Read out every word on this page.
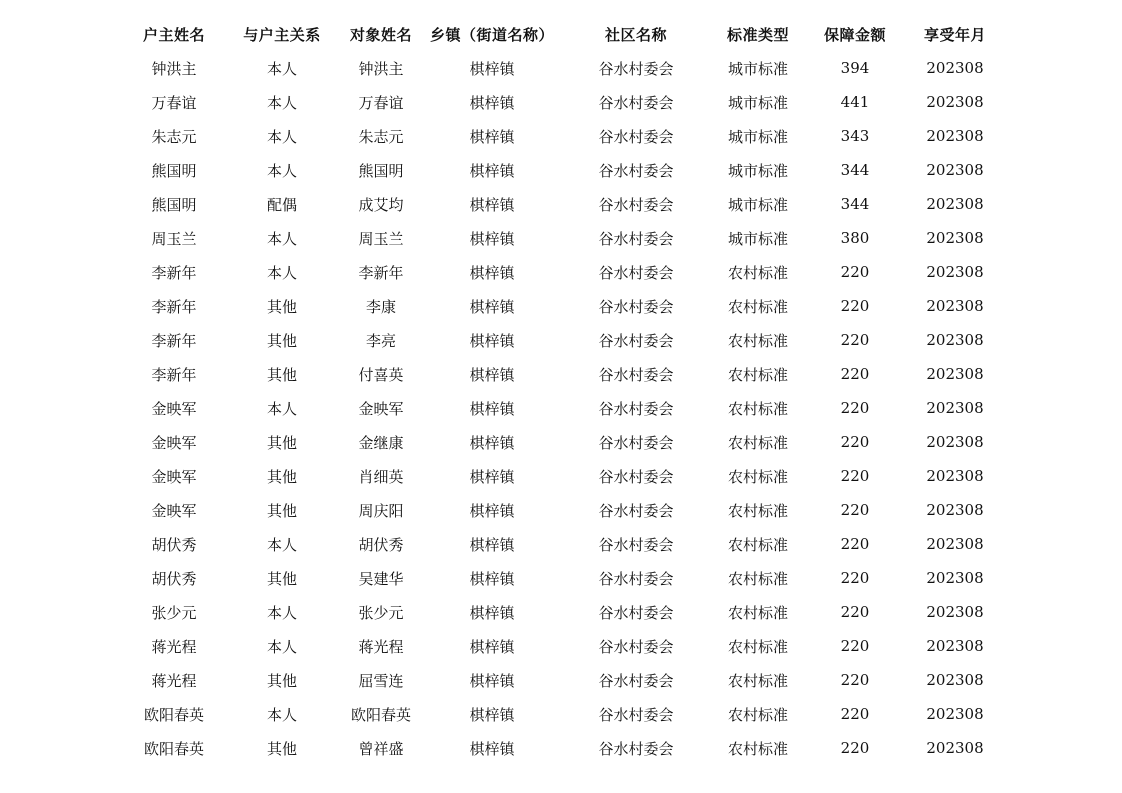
户主姓名	与户主关系	对象姓名	乡镇（街道名称）	社区名称	标准类型	保障金额	享受年月
钟洪主	本人	钟洪主	棋梓镇	谷水村委会	城市标准	394	202308
万春谊	本人	万春谊	棋梓镇	谷水村委会	城市标准	441	202308
朱志元	本人	朱志元	棋梓镇	谷水村委会	城市标准	343	202308
熊国明	本人	熊国明	棋梓镇	谷水村委会	城市标准	344	202308
熊国明	配偶	成艾均	棋梓镇	谷水村委会	城市标准	344	202308
周玉兰	本人	周玉兰	棋梓镇	谷水村委会	城市标准	380	202308
李新年	本人	李新年	棋梓镇	谷水村委会	农村标准	220	202308
李新年	其他	李康	棋梓镇	谷水村委会	农村标准	220	202308
李新年	其他	李亮	棋梓镇	谷水村委会	农村标准	220	202308
李新年	其他	付喜英	棋梓镇	谷水村委会	农村标准	220	202308
金映军	本人	金映军	棋梓镇	谷水村委会	农村标准	220	202308
金映军	其他	金继康	棋梓镇	谷水村委会	农村标准	220	202308
金映军	其他	肖细英	棋梓镇	谷水村委会	农村标准	220	202308
金映军	其他	周庆阳	棋梓镇	谷水村委会	农村标准	220	202308
胡伏秀	本人	胡伏秀	棋梓镇	谷水村委会	农村标准	220	202308
胡伏秀	其他	吴建华	棋梓镇	谷水村委会	农村标准	220	202308
张少元	本人	张少元	棋梓镇	谷水村委会	农村标准	220	202308
蒋光程	本人	蒋光程	棋梓镇	谷水村委会	农村标准	220	202308
蒋光程	其他	屈雪连	棋梓镇	谷水村委会	农村标准	220	202308
欧阳春英	本人	欧阳春英	棋梓镇	谷水村委会	农村标准	220	202308
欧阳春英	其他	曾祥盛	棋梓镇	谷水村委会	农村标准	220	202308
